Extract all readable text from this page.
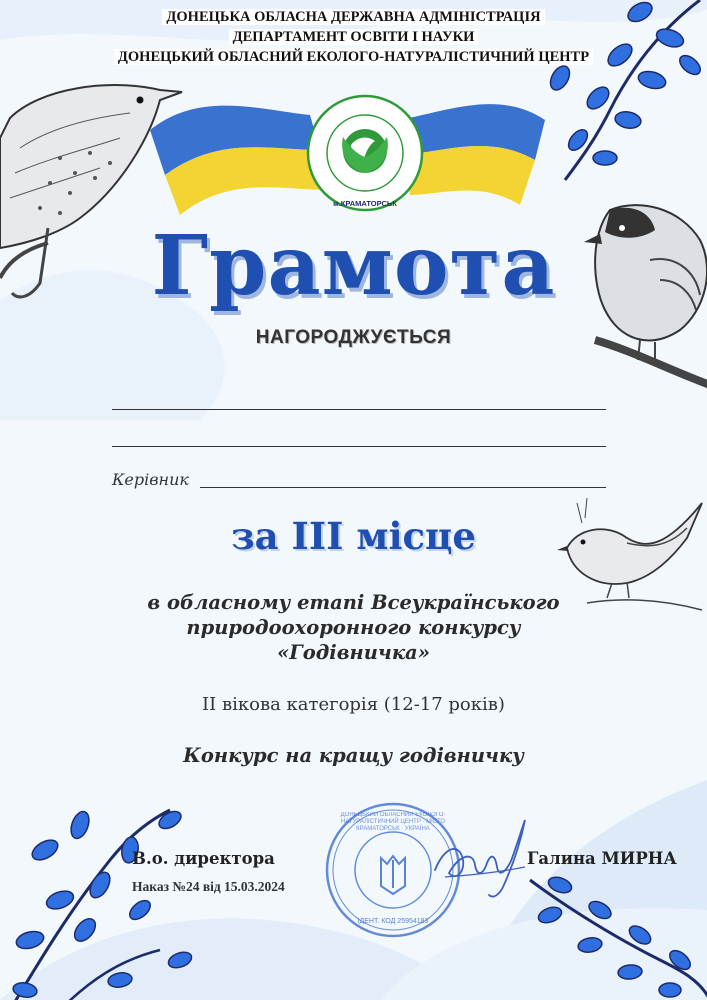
ДОНЕЦЬКА ОБЛАСНА ДЕРЖАВНА АДМІНІСТРАЦІЯ
ДЕПАРТАМЕНТ ОСВІТИ І НАУКИ
ДОНЕЦЬКИЙ ОБЛАСНИЙ ЕКОЛОГО-НАТУРАЛІСТИЧНИЙ ЦЕНТР
м.КРАМАТОРСЬК
Грамота
НАГОРОДЖУЄТЬСЯ
Керівник
за ІІІ місце
в обласному етапі Всеукраїнського
природоохоронного конкурсу
«Годівничка»
ІІ вікова категорія (12-17 років)
Конкурс на кращу годівничку
В.о. директора
Наказ №24 від 15.03.2024
Галина МИРНА
ДОНЕЦЬКИЙ ОБЛАСНИЙ ЕКОЛОГО-НАТУРАЛІСТИЧНИЙ ЦЕНТР · МІСТО КРАМАТОРСЬК · УКРАЇНА
ІДЕНТ. КОД 25954183
